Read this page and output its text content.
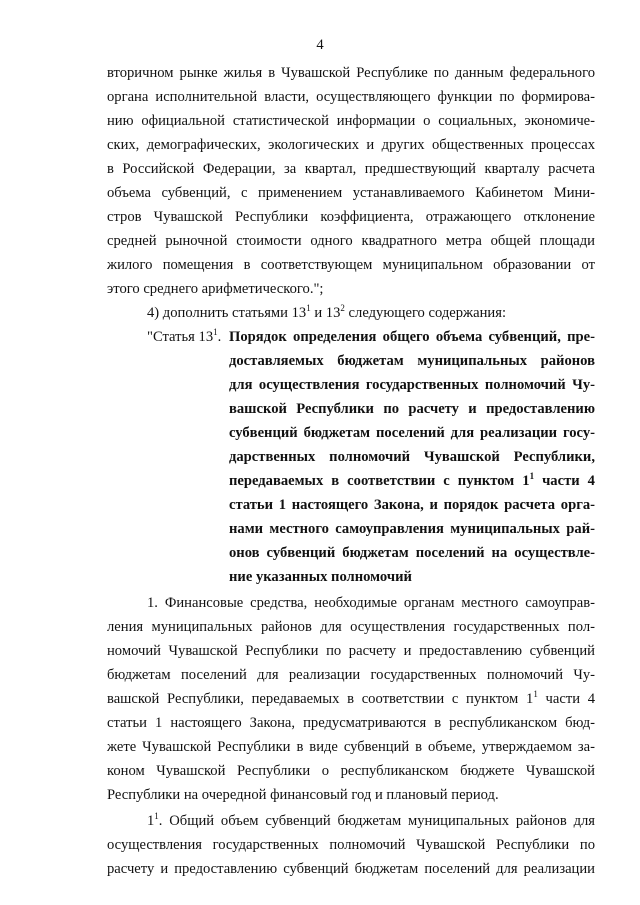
4
вторичном рынке жилья в Чувашской Республике по данным федерального
органа исполнительной власти, осуществляющего функции по формирова-
нию официальной статистической информации о социальных, экономиче-
ских, демографических, экологических и других общественных процессах
в Российской Федерации, за квартал, предшествующий кварталу расчета
объема субвенций, с применением устанавливаемого Кабинетом Мини-
стров Чувашской Республики коэффициента, отражающего отклонение
средней рыночной стоимости одного квадратного метра общей площади
жилого помещения в соответствующем муниципальном образовании от
этого среднего арифметического.";
4) дополнить статьями $13^1$ и $13^2$ следующего содержания:
"Статья $13^1$. Порядок определения общего объема субвенций, пре-
доставляемых бюджетам муниципальных районов
для осуществления государственных полномочий Чу-
вашской Республики по расчету и предоставлению
субвенций бюджетам поселений для реализации госу-
дарственных полномочий Чувашской Республики,
передаваемых в соответствии с пунктом $1^1$ части 4
статьи 1 настоящего Закона, и порядок расчета орга-
нами местного самоуправления муниципальных рай-
онов субвенций бюджетам поселений на осуществле-
ние указанных полномочий
1. Финансовые средства, необходимые органам местного самоуправ-
ления муниципальных районов для осуществления государственных пол-
номочий Чувашской Республики по расчету и предоставлению субвенций
бюджетам поселений для реализации государственных полномочий Чу-
вашской Республики, передаваемых в соответствии с пунктом $1^1$ части 4
статьи 1 настоящего Закона, предусматриваются в республиканском бюд-
жете Чувашской Республики в виде субвенций в объеме, утверждаемом за-
коном Чувашской Республики о республиканском бюджете Чувашской
Республики на очередной финансовый год и плановый период.
$1^1$. Общий объем субвенций бюджетам муниципальных районов для
осуществления государственных полномочий Чувашской Республики по
расчету и предоставлению субвенций бюджетам поселений для реализации
